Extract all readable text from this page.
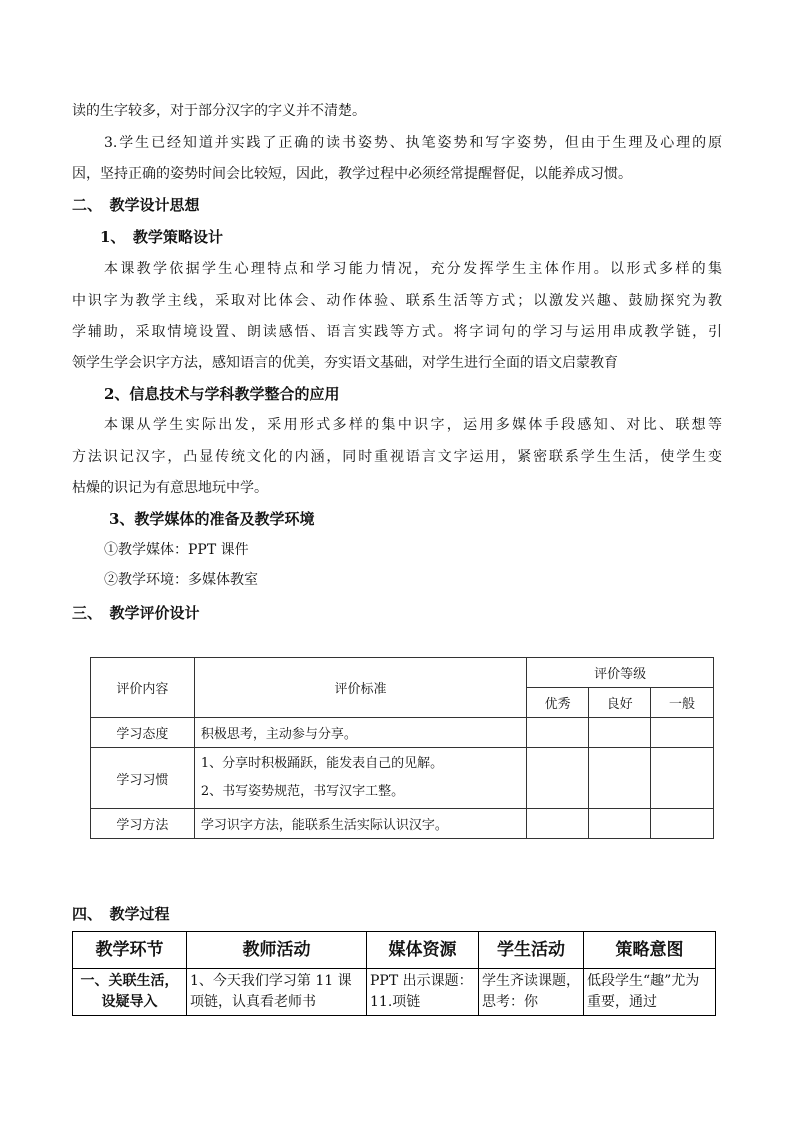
读的生字较多，对于部分汉字的字义并不清楚。
3.学生已经知道并实践了正确的读书姿势、执笔姿势和写字姿势，但由于生理及心理的原
因，坚持正确的姿势时间会比较短，因此，教学过程中必须经常提醒督促，以能养成习惯。
二、　教学设计思想
1、　教学策略设计
本课教学依据学生心理特点和学习能力情况，充分发挥学生主体作用。以形式多样的集
中识字为教学主线，采取对比体会、动作体验、联系生活等方式；以激发兴趣、鼓励探究为教
学辅助，采取情境设置、朗读感悟、语言实践等方式。将字词句的学习与运用串成教学链，引
领学生学会识字方法，感知语言的优美，夯实语文基础，对学生进行全面的语文启蒙教育
2、信息技术与学科教学整合的应用
本课从学生实际出发，采用形式多样的集中识字，运用多媒体手段感知、对比、联想等
方法识记汉字，凸显传统文化的内涵，同时重视语言文字运用，紧密联系学生生活，使学生变
枯燥的识记为有意思地玩中学。
3、教学媒体的准备及教学环境
①教学媒体：PPT 课件
②教学环境：多媒体教室
三、　教学评价设计
评价内容	评价标准	评价等级		
		优秀	良好	一般
学习态度	积极思考，主动参与分享。			
学习习惯	1、分享时积极踊跃，能发表自己的见解。
2、书写姿势规范，书写汉字工整。			

学习方法	学习识字方法，能联系生活实际认识汉字。			
四、　教学过程
教学环节	教师活动	媒体资源	学生活动	策略意图

一、关联生活，设疑导入	1、今天我们学习第 11 课项链，认真看老师书	PPT 出示课题：11.项链	学生齐读课题，思考：你	低段学生“趣”尤为重要，通过
